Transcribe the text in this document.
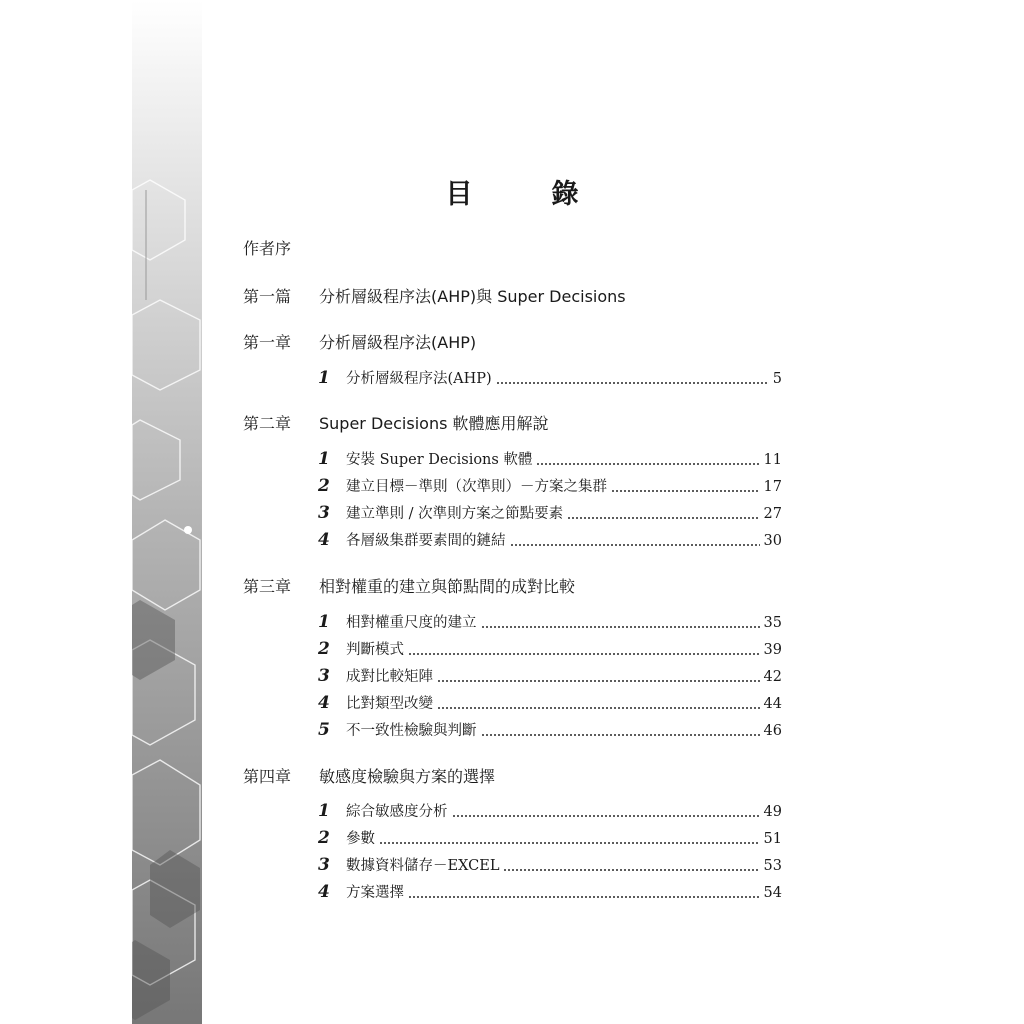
目　錄
作者序
第一篇	分析層級程序法(AHP)與 Super Decisions
第一章	分析層級程序法(AHP)
1	分析層級程序法(AHP)	5
第二章	Super Decisions 軟體應用解說
1	安裝 Super Decisions 軟體	11
2	建立目標－準則（次準則）－方案之集群	17
3	建立準則 / 次準則方案之節點要素	27
4	各層級集群要素間的鏈結	30
第三章	相對權重的建立與節點間的成對比較
1	相對權重尺度的建立	35
2	判斷模式	39
3	成對比較矩陣	42
4	比對類型改變	44
5	不一致性檢驗與判斷	46
第四章	敏感度檢驗與方案的選擇
1	綜合敏感度分析	49
2	參數	51
3	數據資料儲存－EXCEL	53
4	方案選擇	54
